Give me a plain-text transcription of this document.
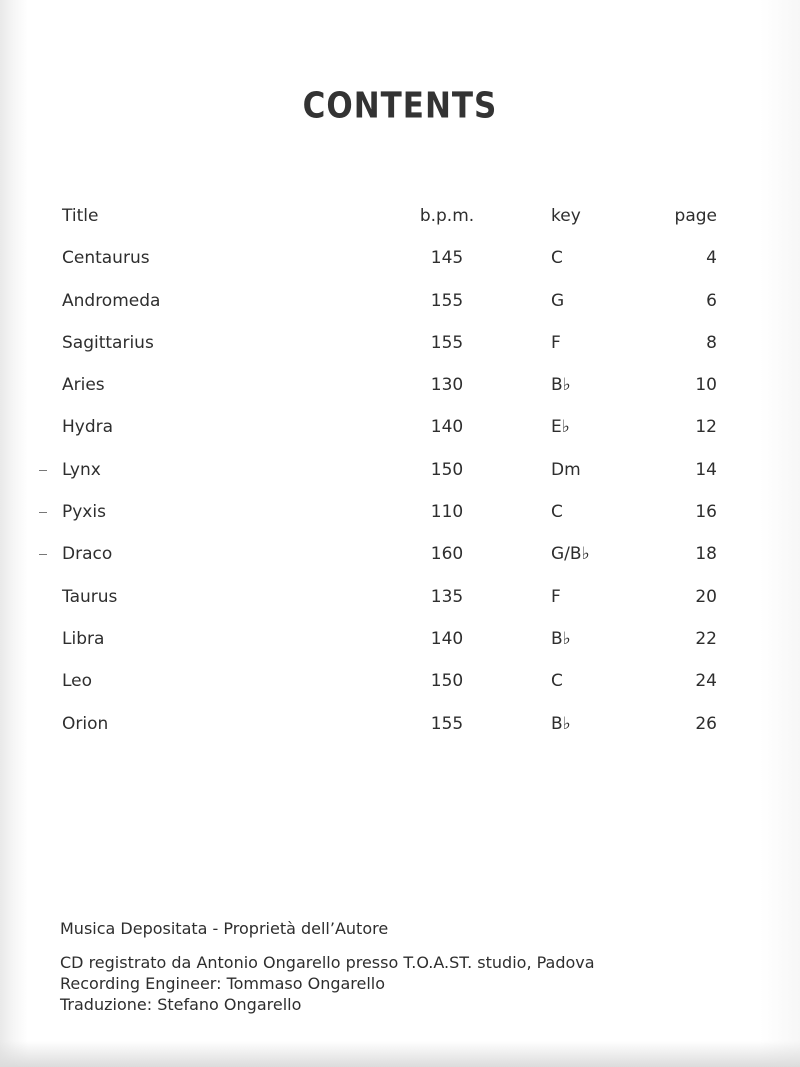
CONTENTS
Title	b.p.m.	key	page
Centaurus	145	C	4
Andromeda	155	G	6
Sagittarius	155	F	8
Aries	130	B♭	10
Hydra	140	E♭	12
Lynx	150	Dm	14
Pyxis	110	C	16
Draco	160	G/B♭	18
Taurus	135	F	20
Libra	140	B♭	22
Leo	150	C	24
Orion	155	B♭	26
Musica Depositata - Proprietà dell’Autore
CD registrato da Antonio Ongarello presso T.O.A.ST. studio, Padova
Recording Engineer: Tommaso Ongarello
Traduzione: Stefano Ongarello
